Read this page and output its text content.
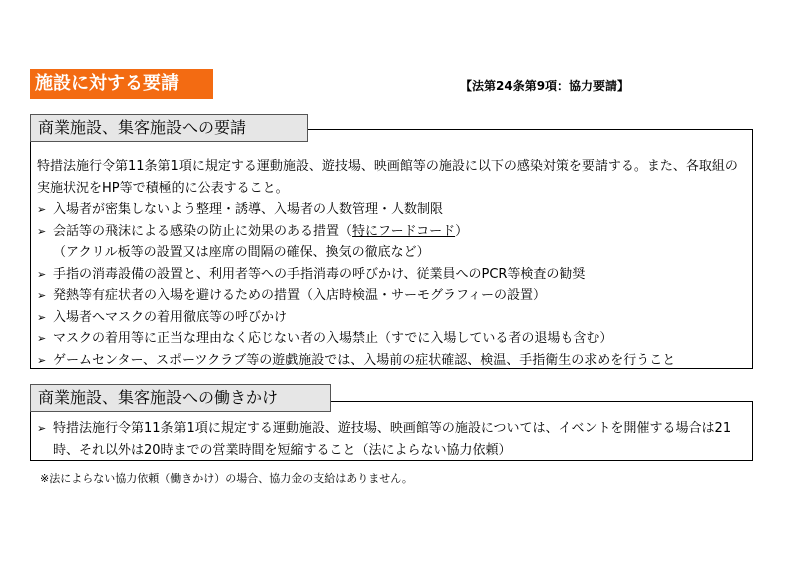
施設に対する要請	【法第24条第9項：協力要請】

特措法施行令第11条第1項に規定する運動施設、遊技場、映画館等の施設に以下の感染対策を要請する。また、各取組の実施状況をHP等で積極的に公表すること。

➢ 入場者が密集しないよう整理・誘導、入場者の人数管理・人数制限
➢ 会話等の飛沫による感染の防止に効果のある措置（特にフードコード）
（アクリル板等の設置又は座席の間隔の確保、換気の徹底など）
➢ 手指の消毒設備の設置と、利用者等への手指消毒の呼びかけ、従業員へのPCR等検査の勧奨
➢ 発熱等有症状者の入場を避けるための措置（入店時検温・サーモグラフィーの設置）
➢ 入場者へマスクの着用徹底等の呼びかけ
➢ マスクの着用等に正当な理由なく応じない者の入場禁止（すでに入場している者の退場も含む）
➢ ゲームセンター、スポーツクラブ等の遊戯施設では、入場前の症状確認、検温、手指衛生の求めを行うこと
商業施設、集客施設への要請
➢ 特措法施行令第11条第1項に規定する運動施設、遊技場、映画館等の施設については、イベントを開催する場合は21時、それ以外は20時までの営業時間を短縮すること（法によらない協力依頼）
商業施設、集客施設への働きかけ
※法によらない協力依頼（働きかけ）の場合、協力金の支給はありません。
